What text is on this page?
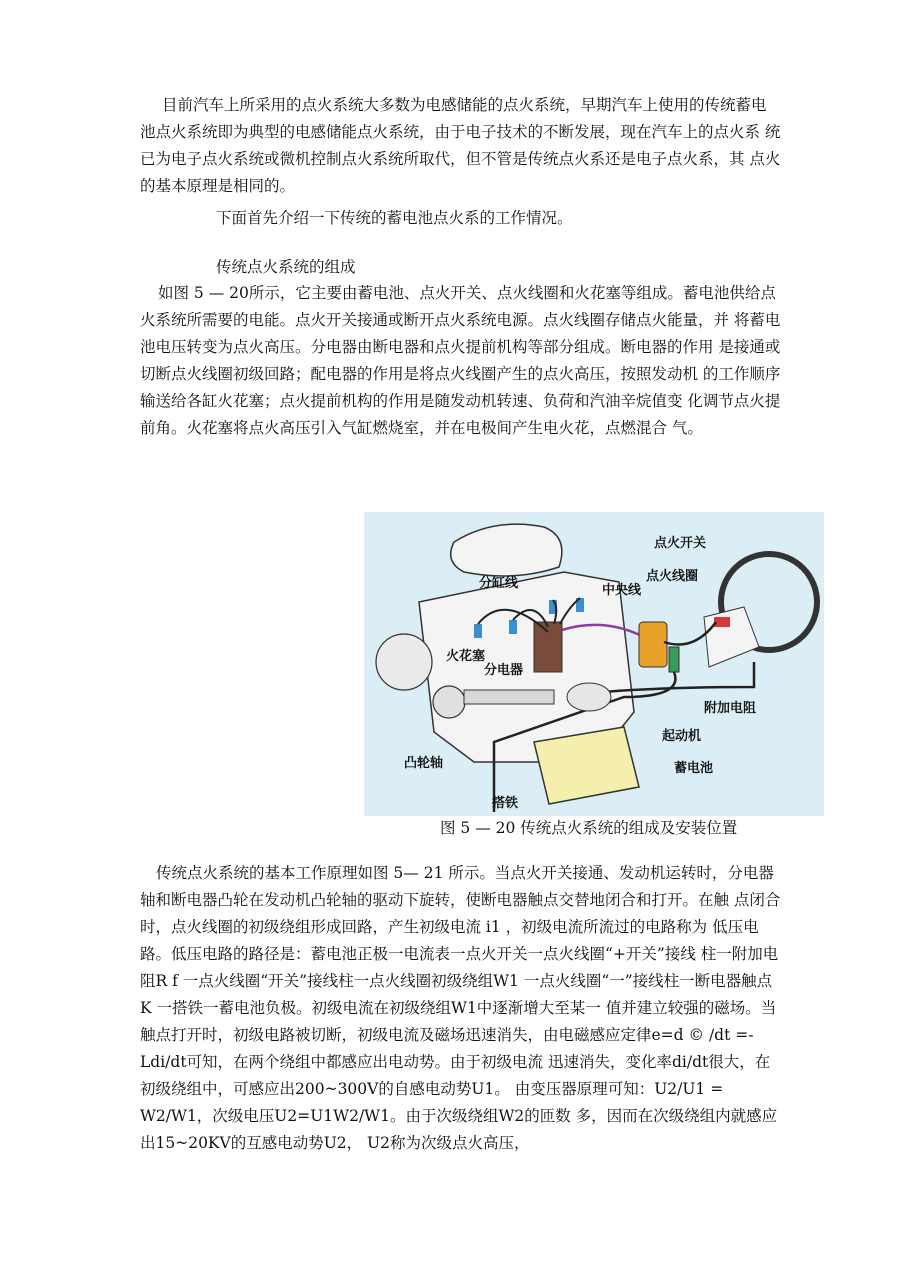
目前汽车上所采用的点火系统大多数为电感储能的点火系统，早期汽车上使用的传统蓄电 池点火系统即为典型的电感储能点火系统，由于电子技术的不断发展，现在汽车上的点火系 统已为电子点火系统或微机控制点火系统所取代，但不管是传统点火系还是电子点火系，其 点火的基本原理是相同的。

下面首先介绍一下传统的蓄电池点火系的工作情况。

传统点火系统的组成

如图 5 — 20所示，它主要由蓄电池、点火开关、点火线圈和火花塞等组成。蓄电池供给点火系统所需要的电能。点火开关接通或断开点火系统电源。点火线圈存储点火能量，并 将蓄电池电压转变为点火高压。分电器由断电器和点火提前机构等部分组成。断电器的作用 是接通或切断点火线圈初级回路；配电器的作用是将点火线圈产生的点火高压，按照发动机 的工作顺序输送给各缸火花塞；点火提前机构的作用是随发动机转速、负荷和汽油辛烷值变 化调节点火提前角。火花塞将点火高压引入气缸燃烧室，并在电极间产生电火花，点燃混合 气。

点火开关
点火线圈
中央线
分缸线
火花塞
分电器
附加电阻
起动机
凸轮轴	蓄电池
搭铁
图 5 — 20 传统点火系统的组成及安装位置

传统点火系统的基本工作原理如图 5— 21 所示。当点火开关接通、发动机运转时，分电器轴和断电器凸轮在发动机凸轮轴的驱动下旋转，使断电器触点交替地闭合和打开。在触 点闭合时，点火线圈的初级绕组形成回路，产生初级电流 i1 ，初级电流所流过的电路称为 低压电路。低压电路的路径是：蓄电池正极一电流表一点火开关一点火线圈“+开关”接线 柱一附加电阻R f 一点火线圈“开关”接线柱一点火线圈初级绕组W1 一点火线圈“一”接线柱一断电器触点K 一搭铁一蓄电池负极。初级电流在初级绕组W1中逐渐增大至某一 值并建立较强的磁场。当触点打开时，初级电路被切断，初级电流及磁场迅速消失，由电磁感应定律e=d © /dt =- Ldi/dt可知，在两个绕组中都感应出电动势。由于初级电流 迅速消失，变化率di/dt很大，在初级绕组中，可感应出200~300V的自感电动势U1。 由变压器原理可知：U2/U1 = W2/W1，次级电压U2=U1W2/W1。由于次级绕组W2的匝数 多，因而在次级绕组内就感应出15~20KV的互感电动势U2， U2称为次级点火高压，
